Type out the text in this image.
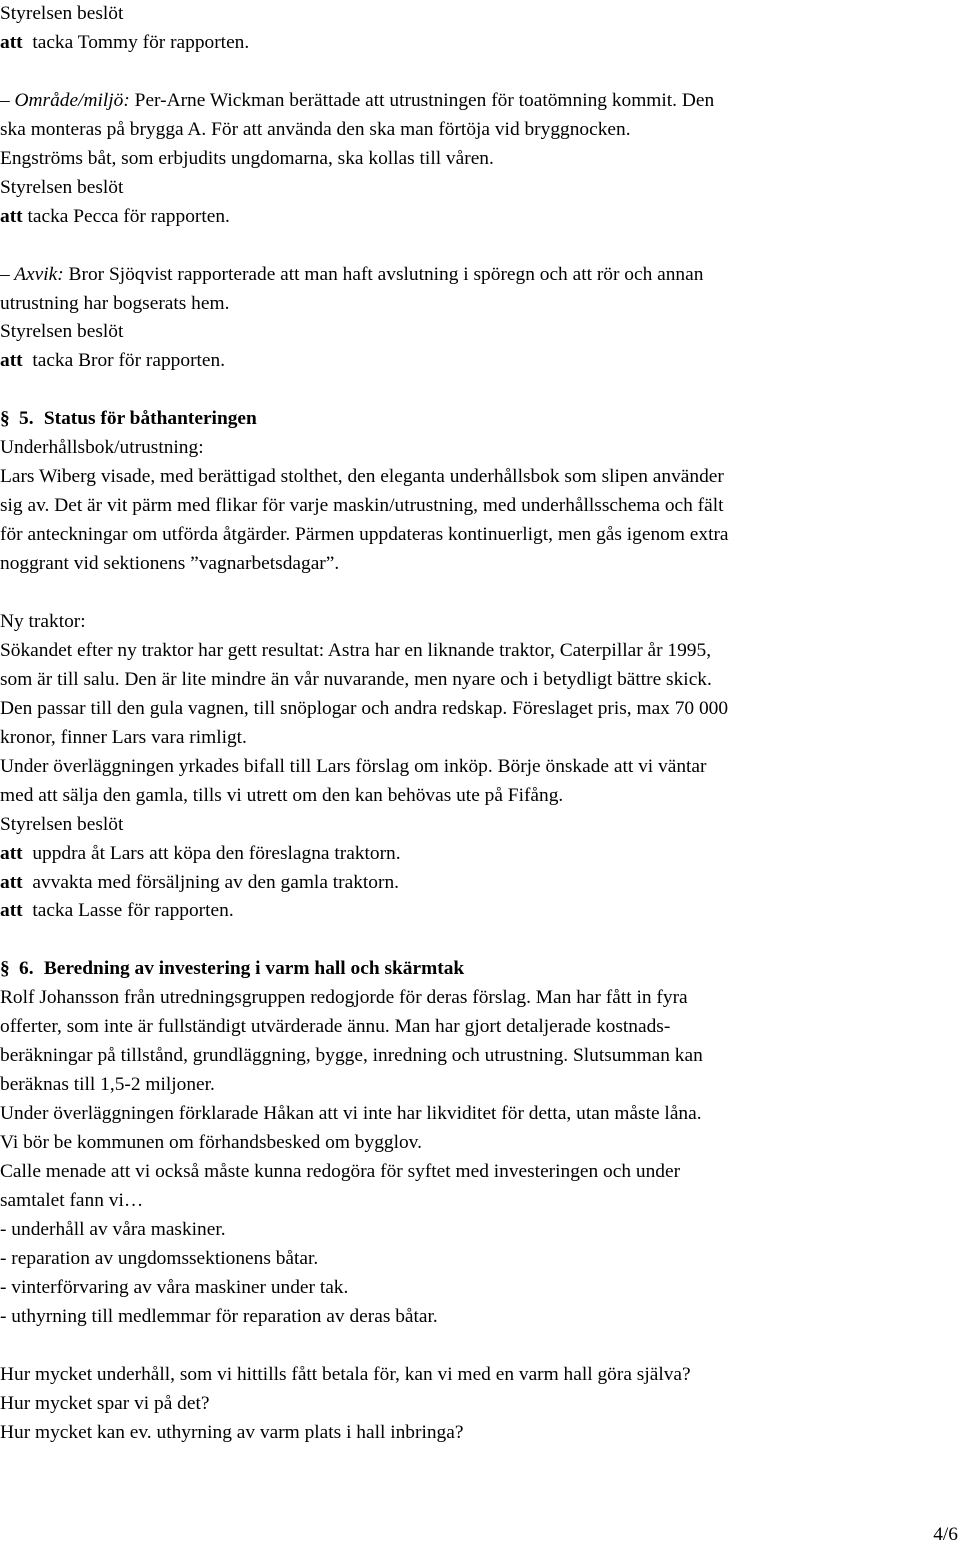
Styrelsen beslöt
att  tacka Tommy för rapporten.
– Område/miljö: Per-Arne Wickman berättade att utrustningen för toatömning kommit. Den
ska monteras på brygga A. För att använda den ska man förtöja vid bryggnocken.
Engströms båt, som erbjudits ungdomarna, ska kollas till våren.
Styrelsen beslöt
att tacka Pecca för rapporten.
– Axvik: Bror Sjöqvist rapporterade att man haft avslutning i spöregn och att rör och annan
utrustning har bogserats hem.
Styrelsen beslöt
att  tacka Bror för rapporten.
§ 5. Status för båthanteringen
Underhållsbok/utrustning:
Lars Wiberg visade, med berättigad stolthet, den eleganta underhållsbok som slipen använder
sig av. Det är vit pärm med flikar för varje maskin/utrustning, med underhållsschema och fält
för anteckningar om utförda åtgärder. Pärmen uppdateras kontinuerligt, men gås igenom extra
noggrant vid sektionens ”vagnarbetsdagar”.
Ny traktor:
Sökandet efter ny traktor har gett resultat: Astra har en liknande traktor, Caterpillar år 1995,
som är till salu. Den är lite mindre än vår nuvarande, men nyare och i betydligt bättre skick.
Den passar till den gula vagnen, till snöplogar och andra redskap. Föreslaget pris, max 70 000
kronor, finner Lars vara rimligt.
Under överläggningen yrkades bifall till Lars förslag om inköp. Börje önskade att vi väntar
med att sälja den gamla, tills vi utrett om den kan behövas ute på Fifång.
Styrelsen beslöt
att  uppdra åt Lars att köpa den föreslagna traktorn.
att  avvakta med försäljning av den gamla traktorn.
att  tacka Lasse för rapporten.
§ 6. Beredning av investering i varm hall och skärmtak
Rolf Johansson från utredningsgruppen redogjorde för deras förslag. Man har fått in fyra
offerter, som inte är fullständigt utvärderade ännu. Man har gjort detaljerade kostnads-
beräkningar på tillstånd, grundläggning, bygge, inredning och utrustning. Slutsumman kan
beräknas till 1,5-2 miljoner.
Under överläggningen förklarade Håkan att vi inte har likviditet för detta, utan måste låna.
Vi bör be kommunen om förhandsbesked om bygglov.
Calle menade att vi också måste kunna redogöra för syftet med investeringen och under
samtalet fann vi…
- underhåll av våra maskiner.
- reparation av ungdomssektionens båtar.
- vinterförvaring av våra maskiner under tak.
- uthyrning till medlemmar för reparation av deras båtar.
Hur mycket underhåll, som vi hittills fått betala för, kan vi med en varm hall göra själva?
Hur mycket spar vi på det?
Hur mycket kan ev. uthyrning av varm plats i hall inbringa?
4/6
